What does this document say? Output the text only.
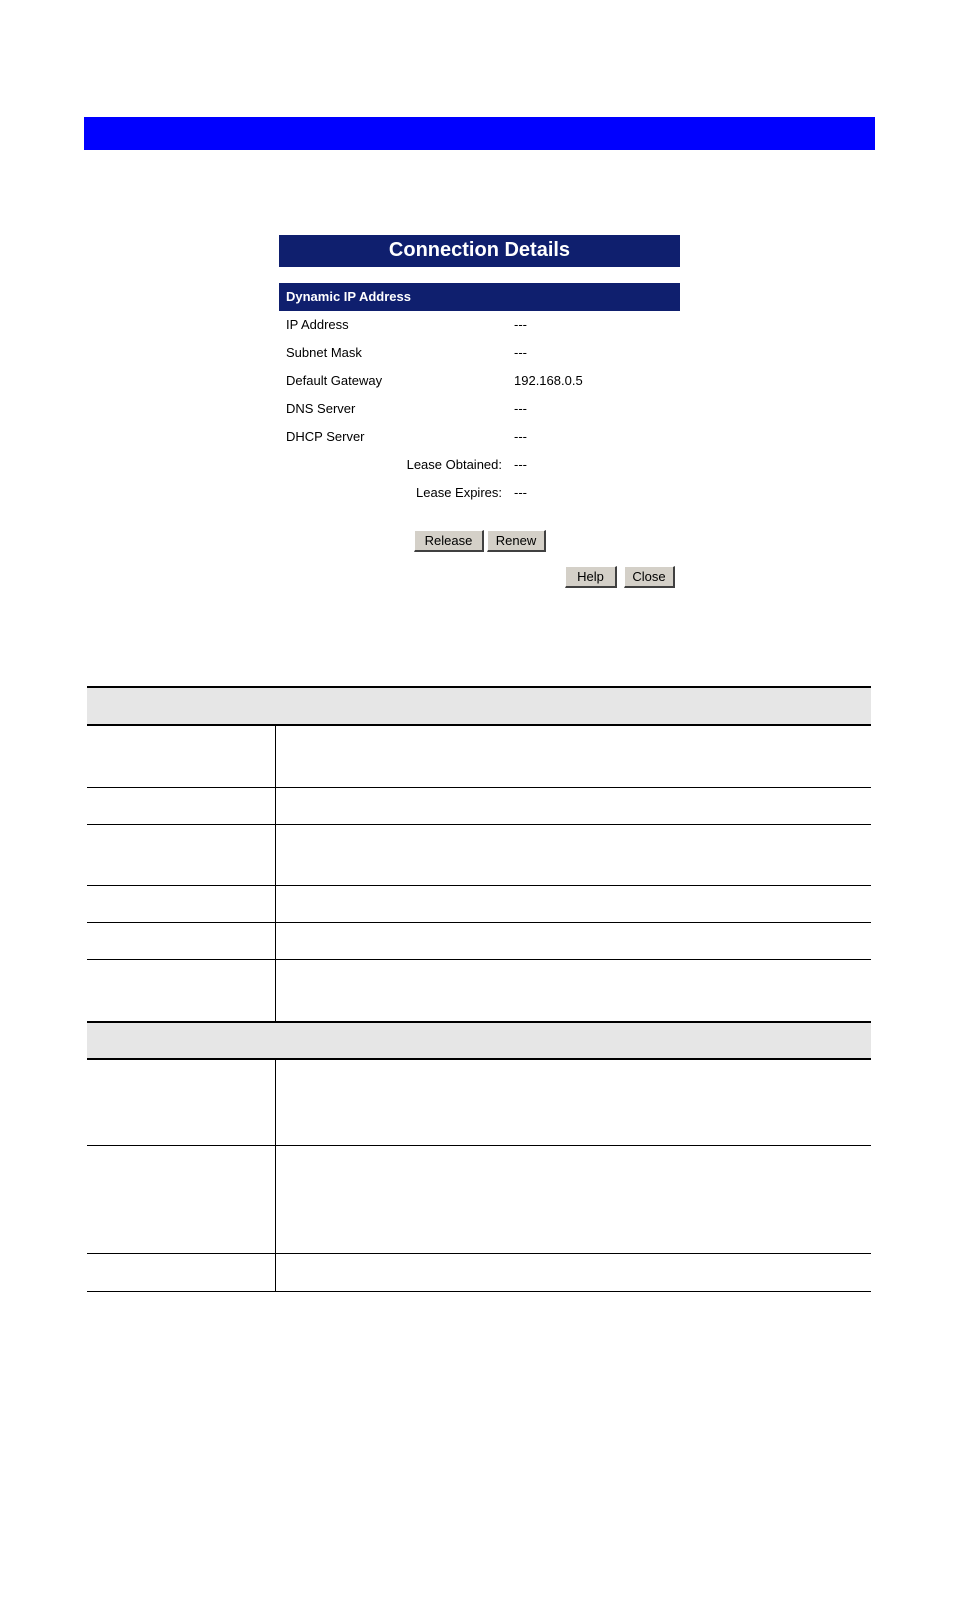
Connection Details
Dynamic IP Address
IP Address	---
Subnet Mask	---
Default Gateway	192.168.0.5
DNS Server	---
DHCP Server	---
Lease Obtained: ---
Lease Expires: ---
Release	Renew
Help	Close
